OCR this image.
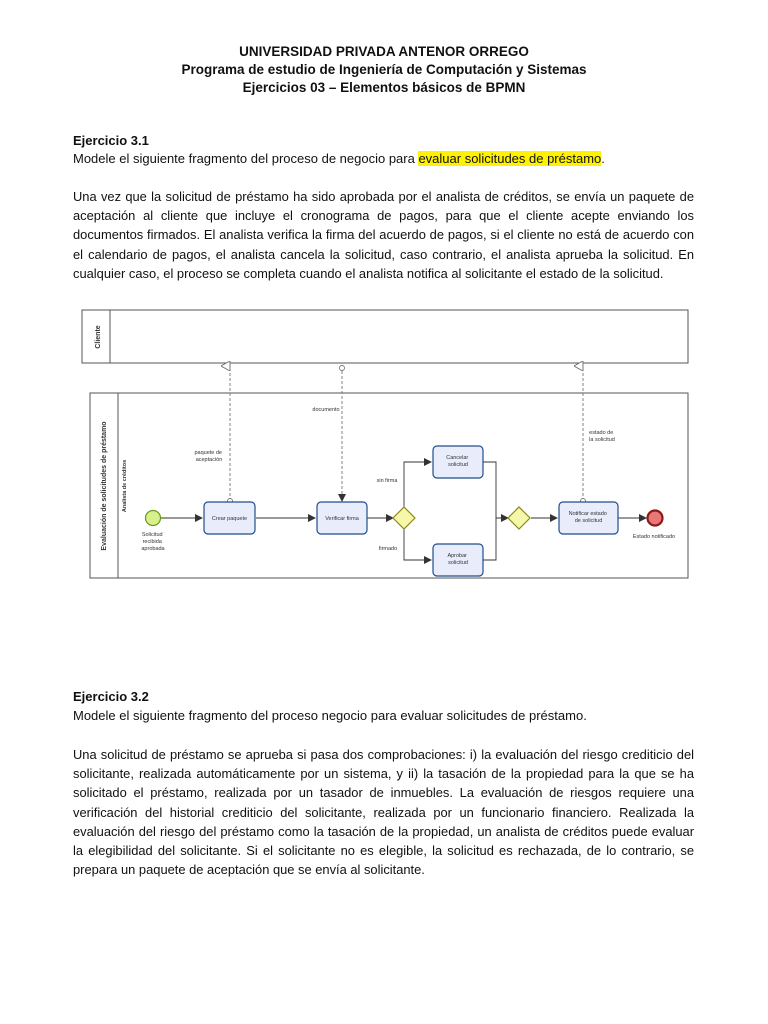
UNIVERSIDAD PRIVADA ANTENOR ORREGO
Programa de estudio de Ingeniería de Computación y Sistemas
Ejercicios 03 – Elementos básicos de BPMN
Ejercicio 3.1
Modele el siguiente fragmento del proceso de negocio para evaluar solicitudes de préstamo.
Una vez que la solicitud de préstamo ha sido aprobada por el analista de créditos, se envía un paquete de aceptación al cliente que incluye el cronograma de pagos, para que el cliente acepte enviando los documentos firmados. El analista verifica la firma del acuerdo de pagos, si el cliente no está de acuerdo con el calendario de pagos, el analista cancela la solicitud, caso contrario, el analista aprueba la solicitud. En cualquier caso, el proceso se completa cuando el analista notifica al solicitante el estado de la solicitud.
Cliente
Evaluación de solicitudes de préstamo	Analista de créditos
Solicitud recibida aprobada
Crear paquete	Verificar firma
Cancelar solicitud
Aprobar solicitud
Notificar estado de solicitud
Estado notificado
paquete de aceptación
documento
estado de la solicitud
sin firma
firmado
Ejercicio 3.2
Modele el siguiente fragmento del proceso negocio para evaluar solicitudes de préstamo.
Una solicitud de préstamo se aprueba si pasa dos comprobaciones: i) la evaluación del riesgo crediticio del solicitante, realizada automáticamente por un sistema, y ii) la tasación de la propiedad para la que se ha solicitado el préstamo, realizada por un tasador de inmuebles. La evaluación de riesgos requiere una verificación del historial crediticio del solicitante, realizada por un funcionario financiero. Realizada la evaluación del riesgo del préstamo como la tasación de la propiedad, un analista de créditos puede evaluar la elegibilidad del solicitante. Si el solicitante no es elegible, la solicitud es rechazada, de lo contrario, se prepara un paquete de aceptación que se envía al solicitante.
